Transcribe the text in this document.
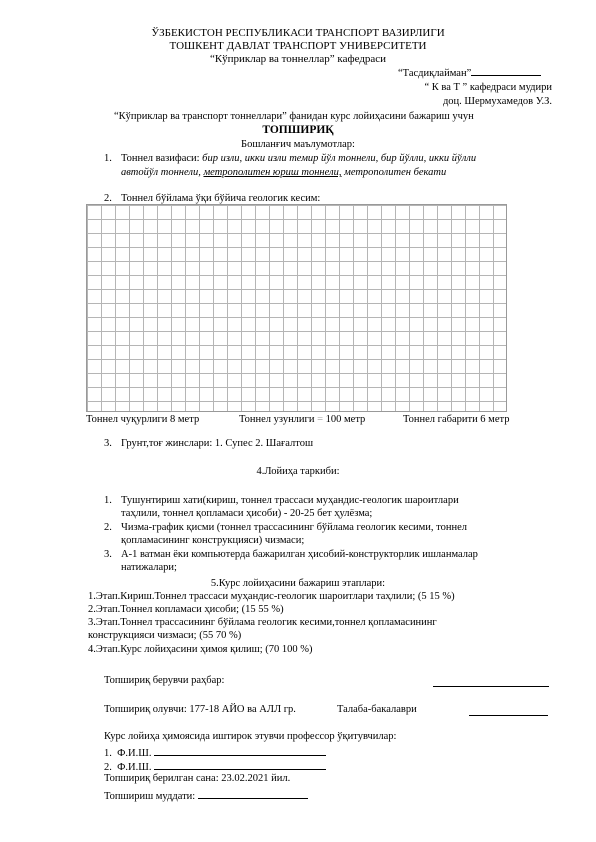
ЎЗБЕКИСТОН РЕСПУБЛИКАСИ ТРАНСПОРТ ВАЗИРЛИГИ
ТОШКЕНТ ДАВЛАТ ТРАНСПОРТ УНИВЕРСИТЕТИ
“Кўприклар ва тоннеллар” кафедраси
“Тасдиқлайман”
“ К ва Т ” кафедраси мудири
доц. Шермухамедов У.З.
“Кўприклар ва транспорт тоннеллари” фанидан курс лойиҳасини бажариш учун
ТОПШИРИҚ
Бошланғич маълумотлар:
1. Тоннел вазифаси: бир изли, икки изли темир йўл тоннели, бир йўлли, икки йўлли
автойўл тоннели, метрополитен юриш тоннели, метрополитен бекати
2. Тоннел бўйлама ўқи бўйича геологик кесим:
Тоннел чуқурлиги 8 метр	Тоннел узунлиги = 100 метр	Тоннел габарити 6 метр
3. Грунт,тоғ жинслари: 1. Супес 2. Шағалтош
4.Лойиҳа таркиби:
1. Тушунтириш хати(кириш, тоннел трассаси муҳандис-геологик шароитлари
таҳлили, тоннел қопламаси ҳисоби) - 20-25 бет ҳулёзма;
2. Чизма-график қисми (тоннел трассасининг бўйлама геологик кесими, тоннел
қопламасининг конструкцияси) чизмаси;
3. А-1 ватман ёки компьютерда бажарилган ҳисобий-конструкторлик ишланмалар
натижалари;
5.Курс лойиҳасини бажариш этаплари:
1.Этап.Кириш.Тоннел трассаси муҳандис-геологик шароитлари таҳлили; (5 15 %)
2.Этап.Тоннел копламаси ҳисоби; (15 55 %)
3.Этап.Тоннел трассасининг бўйлама геологик кесими,тоннел қопламасининг
конструкцияси чизмаси; (55 70 %)
4.Этап.Курс лойиҳасини ҳимоя қилиш; (70 100 %)
Топшириқ берувчи раҳбар:
Топшириқ олувчи: 177-18 АЙО ва АЛЛ гр.	Талаба-бакалаври
Курс лойиҳа ҳимоясида иштирок этувчи профессор ўқитувчилар:
1. Ф.И.Ш.
2. Ф.И.Ш.
Топшириқ берилган сана: 23.02.2021 йил.
Топшириш муддати:
